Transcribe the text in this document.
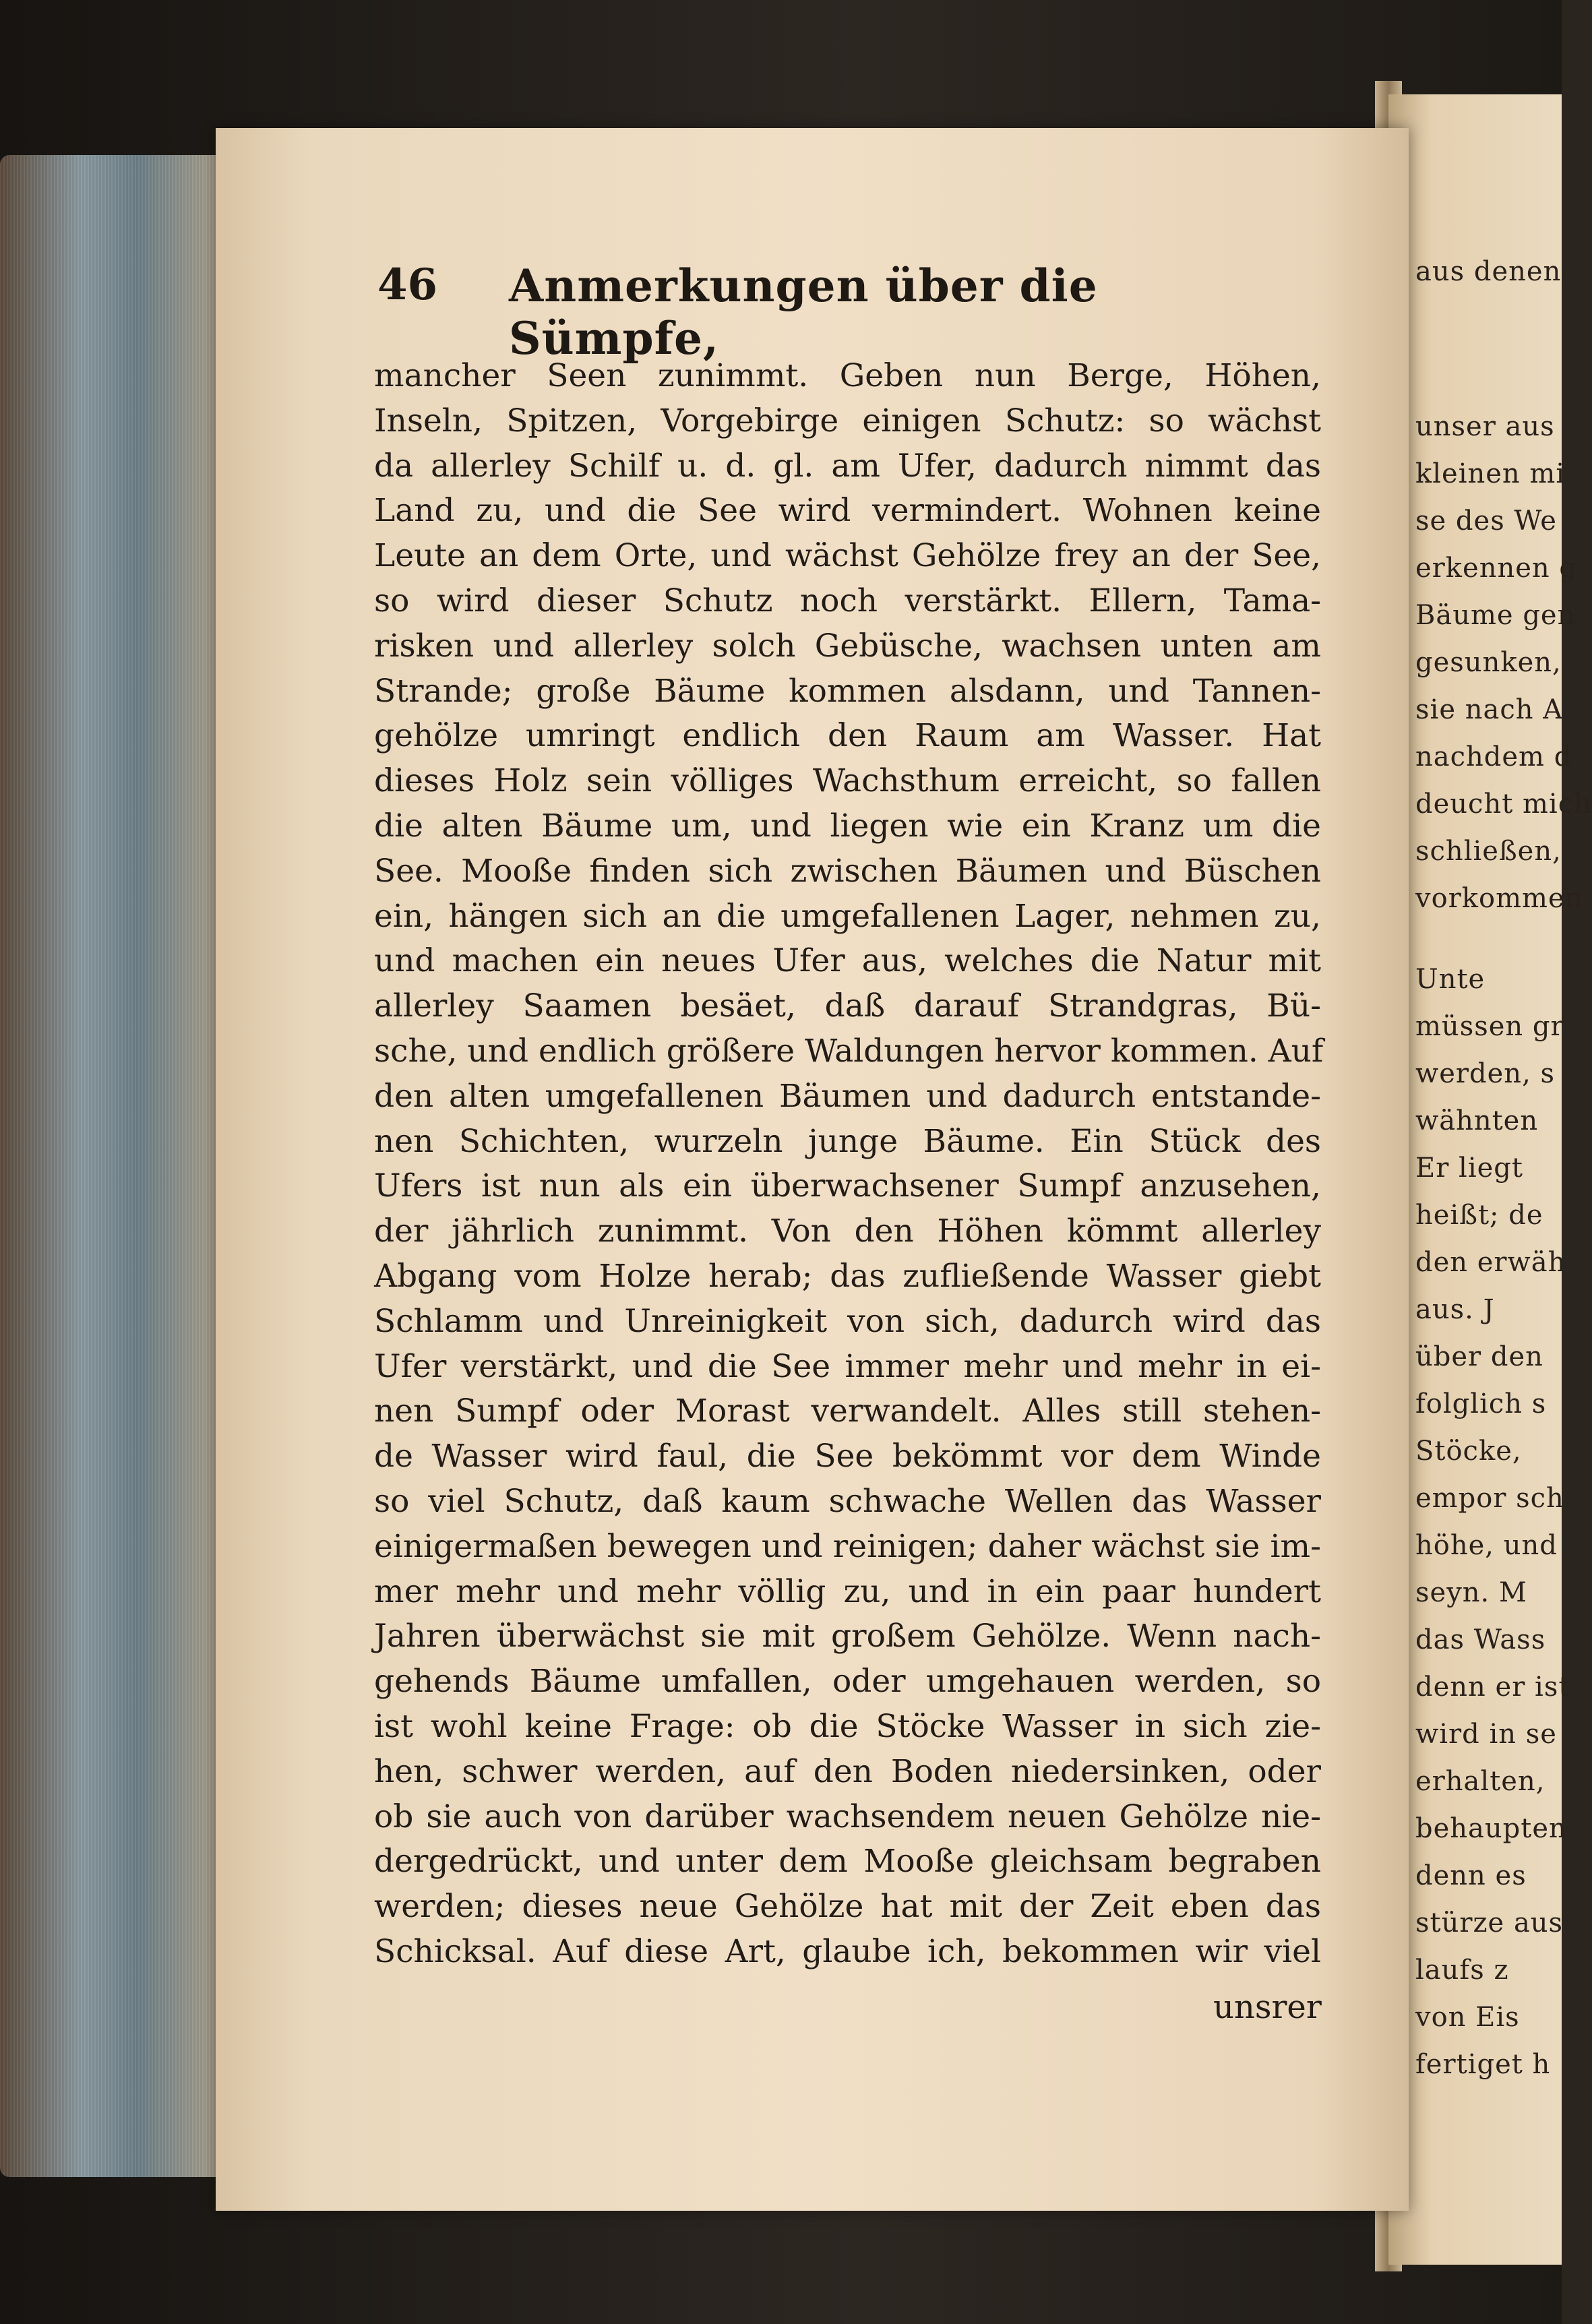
aus denen
unser aus
kleinen mi
se des We
erkennen g
Bäume gen
gesunken,
sie nach A
nachdem d
deucht mich
schließen,
vorkommen
Unte
müssen gr
werden, s
wähnten
Er liegt
heißt; de
den erwäh
aus. J
über den
folglich s
Stöcke,
empor sch
höhe, und
seyn. M
das Wass
denn er ist
wird in se
erhalten,
behaupten
denn es
stürze aus
laufs z
von Eis
fertiget h
46 Anmerkungen über die Sümpfe,
mancher Seen zunimmt. Geben nun Berge, Höhen,
Inseln, Spitzen, Vorgebirge einigen Schutz: so wächst
da allerley Schilf u. d. gl. am Ufer, dadurch nimmt das
Land zu, und die See wird vermindert. Wohnen keine
Leute an dem Orte, und wächst Gehölze frey an der See,
so wird dieser Schutz noch verstärkt. Ellern, Tama-
risken und allerley solch Gebüsche, wachsen unten am
Strande; große Bäume kommen alsdann, und Tannen-
gehölze umringt endlich den Raum am Wasser. Hat
dieses Holz sein völliges Wachsthum erreicht, so fallen
die alten Bäume um, und liegen wie ein Kranz um die
See. Mooße finden sich zwischen Bäumen und Büschen
ein, hängen sich an die umgefallenen Lager, nehmen zu,
und machen ein neues Ufer aus, welches die Natur mit
allerley Saamen besäet, daß darauf Strandgras, Bü-
sche, und endlich größere Waldungen hervor kommen. Auf
den alten umgefallenen Bäumen und dadurch entstande-
nen Schichten, wurzeln junge Bäume. Ein Stück des
Ufers ist nun als ein überwachsener Sumpf anzusehen,
der jährlich zunimmt. Von den Höhen kömmt allerley
Abgang vom Holze herab; das zufließende Wasser giebt
Schlamm und Unreinigkeit von sich, dadurch wird das
Ufer verstärkt, und die See immer mehr und mehr in ei-
nen Sumpf oder Morast verwandelt. Alles still stehen-
de Wasser wird faul, die See bekömmt vor dem Winde
so viel Schutz, daß kaum schwache Wellen das Wasser
einigermaßen bewegen und reinigen; daher wächst sie im-
mer mehr und mehr völlig zu, und in ein paar hundert
Jahren überwächst sie mit großem Gehölze. Wenn nach-
gehends Bäume umfallen, oder umgehauen werden, so
ist wohl keine Frage: ob die Stöcke Wasser in sich zie-
hen, schwer werden, auf den Boden niedersinken, oder
ob sie auch von darüber wachsendem neuen Gehölze nie-
dergedrückt, und unter dem Mooße gleichsam begraben
werden; dieses neue Gehölze hat mit der Zeit eben das
Schicksal. Auf diese Art, glaube ich, bekommen wir viel
unsrer
